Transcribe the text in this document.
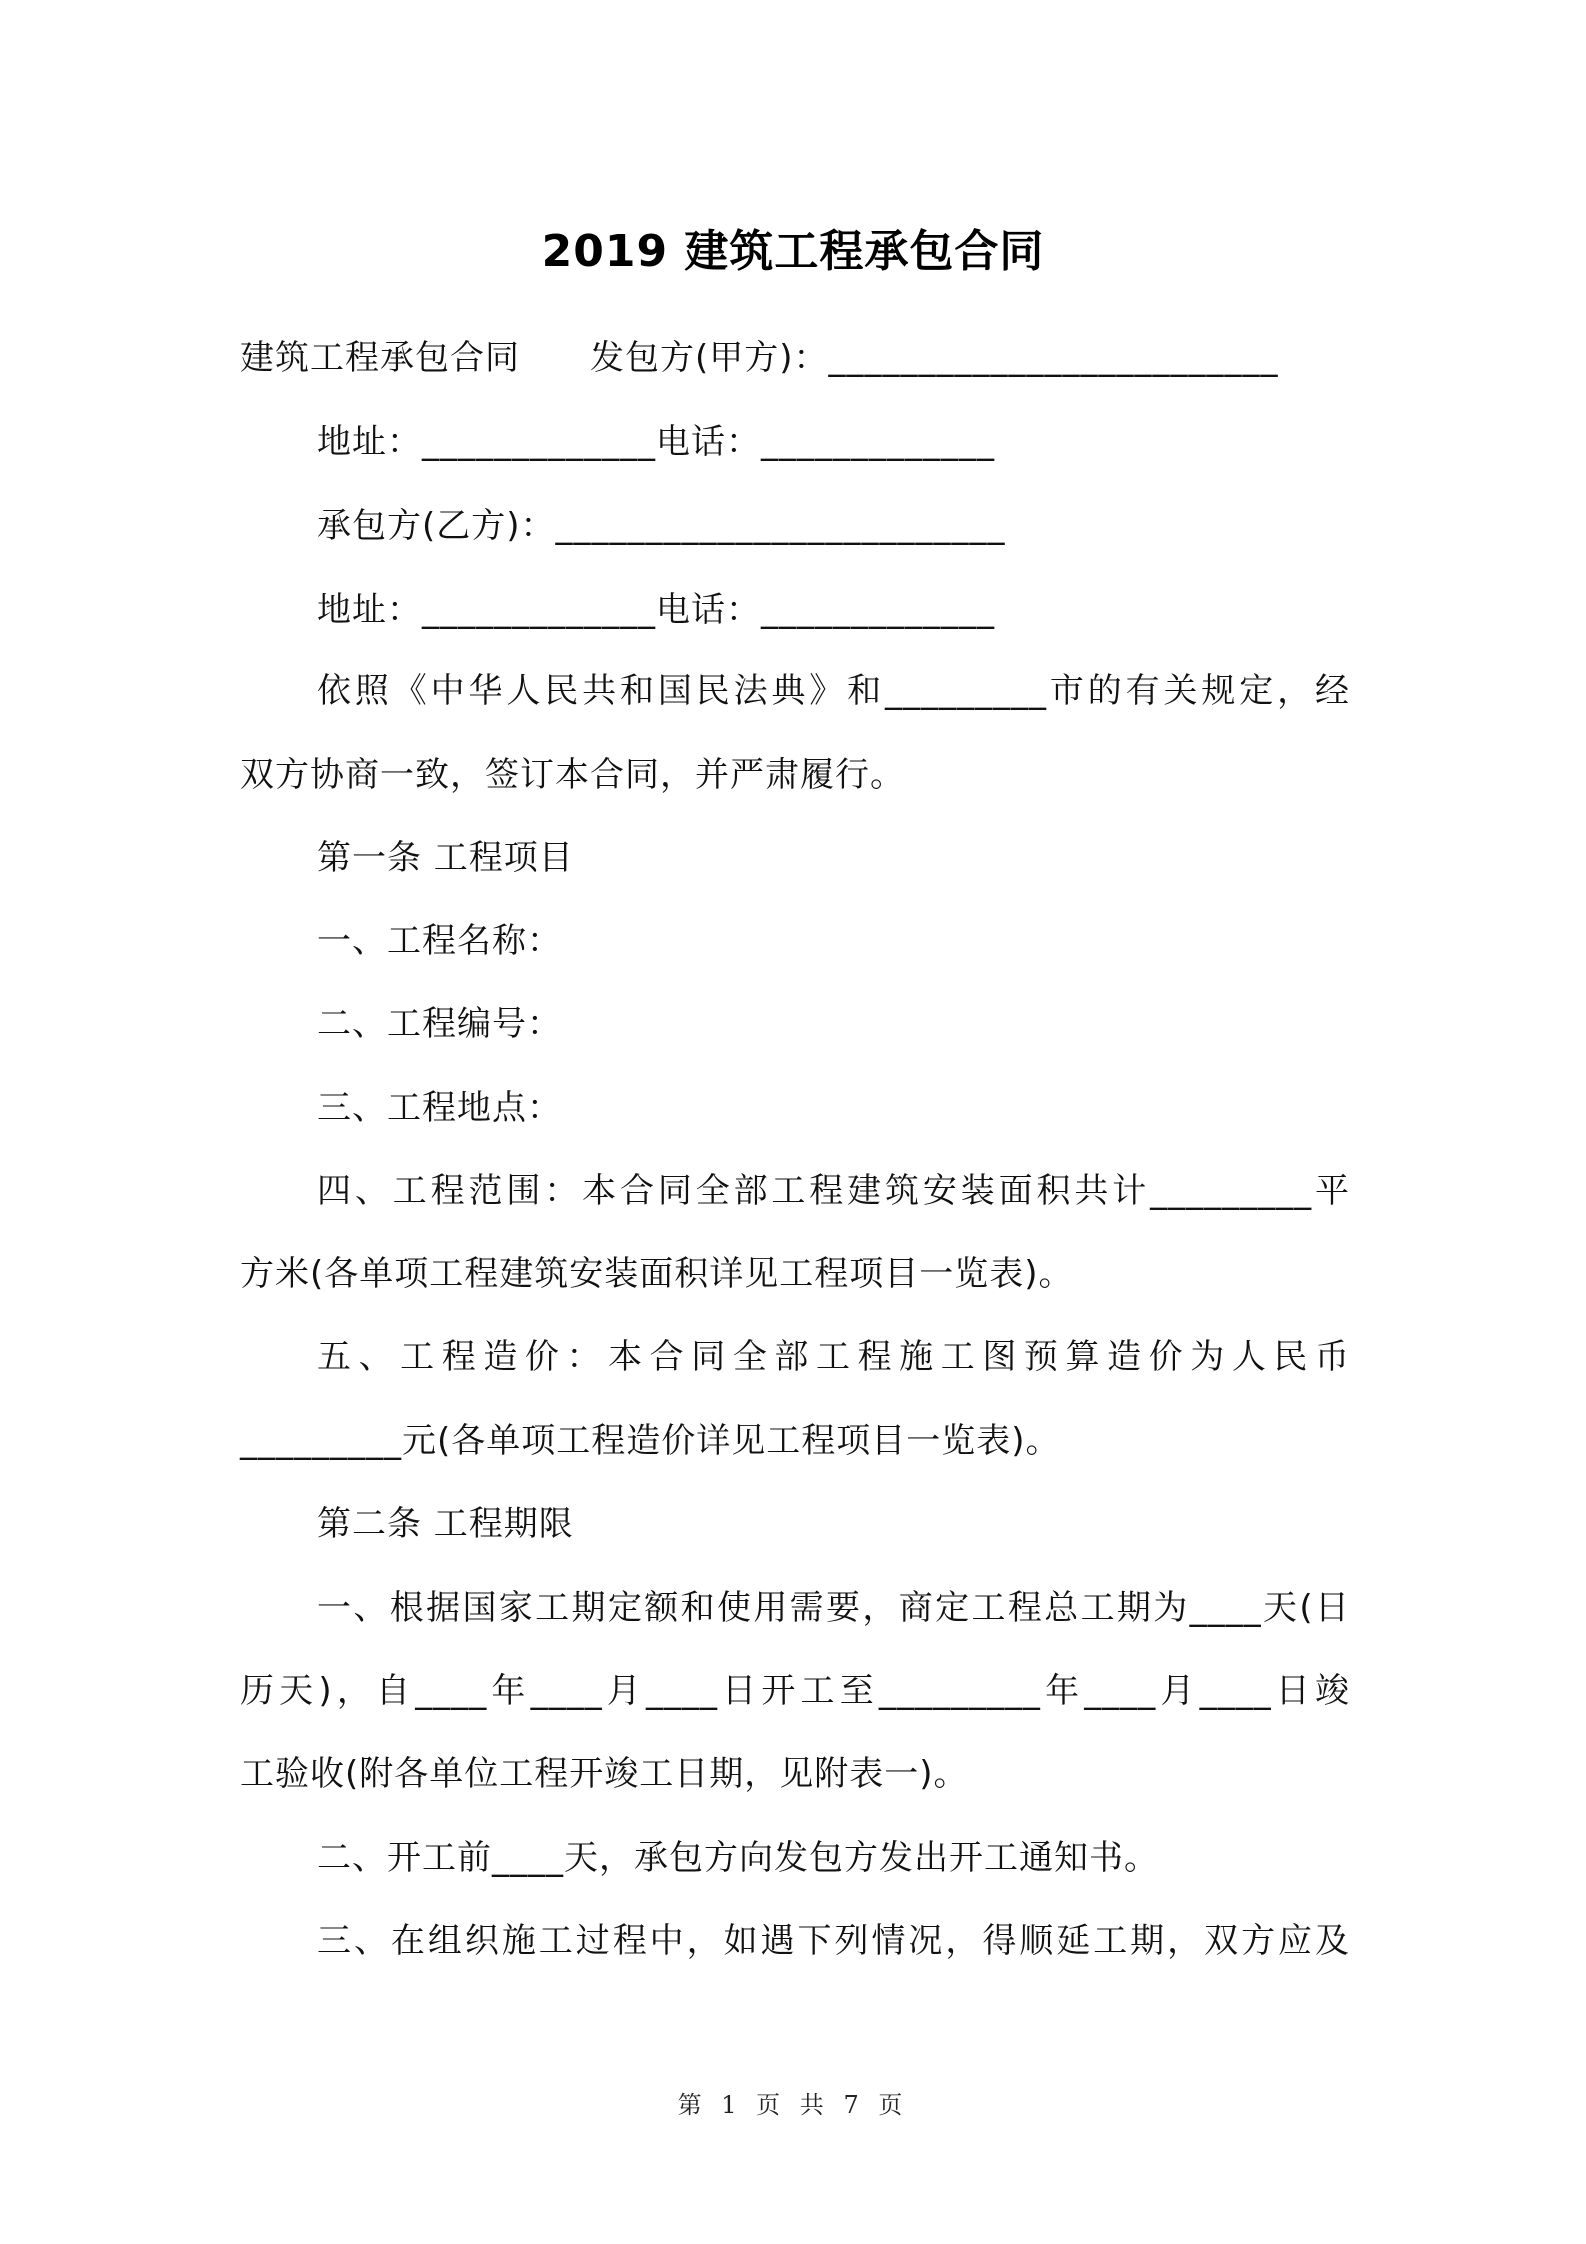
2019 建筑工程承包合同
建筑工程承包合同 发包方(甲方)：_________________________
地址：_____________电话：_____________
承包方(乙方)：_________________________
地址：_____________电话：_____________
依照《中华人民共和国民法典》和_________市的有关规定，经
双方协商一致，签订本合同，并严肃履行。
第一条 工程项目
一、工程名称：
二、工程编号：
三、工程地点：
四、工程范围：本合同全部工程建筑安装面积共计_________平
方米(各单项工程建筑安装面积详见工程项目一览表)。
五、工程造价：本合同全部工程施工图预算造价为人民币
_________元(各单项工程造价详见工程项目一览表)。
第二条 工程期限
一、根据国家工期定额和使用需要，商定工程总工期为____天(日
历天)，自____年____月____日开工至_________年____月____日竣
工验收(附各单位工程开竣工日期，见附表一)。
二、开工前____天，承包方向发包方发出开工通知书。
三、在组织施工过程中，如遇下列情况，得顺延工期，双方应及
第 1 页 共 7 页
